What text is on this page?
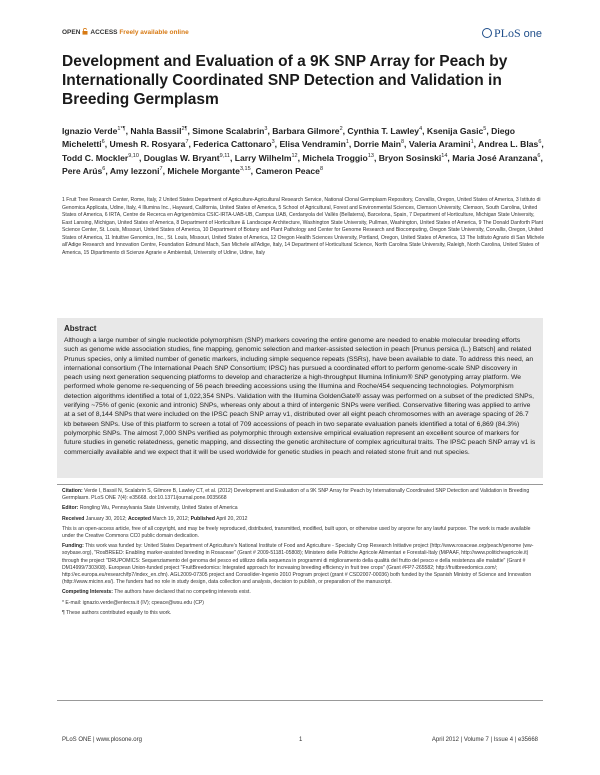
OPEN ACCESS Freely available online	PLoS one
Development and Evaluation of a 9K SNP Array for Peach by Internationally Coordinated SNP Detection and Validation in Breeding Germplasm
Ignazio Verde$^{1*\P}$, Nahla Bassil$^{2\P}$, Simone Scalabrin$^3$, Barbara Gilmore$^2$, Cynthia T. Lawley$^4$, Ksenija Gasic$^5$, Diego Micheletti$^6$, Umesh R. Rosyara$^7$, Federica Cattonaro$^3$, Elisa Vendramin$^1$, Dorrie Main$^8$, Valeria Aramini$^1$, Andrea L. Blas$^6$, Todd C. Mockler$^{9,10}$, Douglas W. Bryant$^{9,11}$, Larry Wilhelm$^{12}$, Michela Troggio$^{13}$, Bryon Sosinski$^{14}$, Maria José Aranzana$^6$, Pere Arús$^6$, Amy Iezzoni$^7$, Michele Morgante$^{3,15}$, Cameron Peace$^8$
1 Fruit Tree Research Center, Rome, Italy, 2 United States Department of Agriculture-Agricultural Research Service, National Clonal Germplasm Repository, Corvallis, Oregon, United States of America, 3 Istituto di Genomica Applicata, Udine, Italy, 4 Illumina Inc., Hayward, California, United States of America, 5 School of Agricultural, Forest and Environmental Sciences, Clemson University, Clemson, South Carolina, United States of America, 6 IRTA, Centre de Recerca en Agrigenòmica CSIC-IRTA-UAB-UB, Campus UAB, Cerdanyola del Vallès (Bellaterra), Barcelona, Spain, 7 Department of Horticulture, Michigan State University, East Lansing, Michigan, United States of America, 8 Department of Horticulture & Landscape Architecture, Washington State University, Pullman, Washington, United States of America, 9 The Donald Danforth Plant Science Center, St. Louis, Missouri, United States of America, 10 Department of Botany and Plant Pathology and Center for Genome Research and Biocomputing, Oregon State University, Corvallis, Oregon, United States of America, 11 Intuitive Genomics, Inc., St. Louis, Missouri, United States of America, 12 Oregon Health Sciences University, Portland, Oregon, United States of America, 13 The Istituto Agrario di San Michele all'Adige Research and Innovation Centre, Foundation Edmund Mach, San Michele all'Adige, Italy, 14 Department of Horticultural Science, North Carolina State University, Raleigh, North Carolina, United States of America, 15 Dipartimento di Scienze Agrarie e Ambientali, University of Udine, Udine, Italy
Abstract

Although a large number of single nucleotide polymorphism (SNP) markers covering the entire genome are needed to enable molecular breeding efforts such as genome wide association studies, fine mapping, genomic selection and marker-assisted selection in peach [Prunus persica (L.) Batsch] and related Prunus species, only a limited number of genetic markers, including simple sequence repeats (SSRs), have been available to date. To address this need, an international consortium (The International Peach SNP Consortium; IPSC) has pursued a coordinated effort to perform genome-scale SNP discovery in peach using next generation sequencing platforms to develop and characterize a high-throughput Illumina Infinium® SNP genotyping array platform. We performed whole genome re-sequencing of 56 peach breeding accessions using the Illumina and Roche/454 sequencing technologies. Polymorphism detection algorithms identified a total of 1,022,354 SNPs. Validation with the Illumina GoldenGate® assay was performed on a subset of the predicted SNPs, verifying ~75% of genic (exonic and intronic) SNPs, whereas only about a third of intergenic SNPs were verified. Conservative filtering was applied to arrive at a set of 8,144 SNPs that were included on the IPSC peach SNP array v1, distributed over all eight peach chromosomes with an average spacing of 26.7 kb between SNPs. Use of this platform to screen a total of 709 accessions of peach in two separate evaluation panels identified a total of 6,869 (84.3%) polymorphic SNPs. The almost 7,000 SNPs verified as polymorphic through extensive empirical evaluation represent an excellent source of markers for future studies in genetic relatedness, genetic mapping, and dissecting the genetic architecture of complex agricultural traits. The IPSC peach SNP array v1 is commercially available and we expect that it will be used worldwide for genetic studies in peach and related stone fruit and nut species.

Citation: Verde I, Bassil N, Scalabrin S, Gilmore B, Lawley CT, et al. (2012) Development and Evaluation of a 9K SNP Array for Peach by Internationally Coordinated SNP Detection and Validation in Breeding Germplasm. PLoS ONE 7(4): e35668. doi:10.1371/journal.pone.0035668

Editor: Rongling Wu, Pennsylvania State University, United States of America

Received January 30, 2012; Accepted March 19, 2012; Published April 20, 2012

This is an open-access article, free of all copyright, and may be freely reproduced, distributed, transmitted, modified, built upon, or otherwise used by anyone for any lawful purpose. The work is made available under the Creative Commons CC0 public domain dedication.

Funding: This work was funded by: United States Department of Agriculture's National Institute of Food and Agriculture - Specialty Crop Research Initiative project (http://www.rosaceae.org/peach/genome (ww-soybase.org), "RosBREED: Enabling marker-assisted breeding in Rosaceae" (Grant # 2009-51181-05808); Ministero delle Politiche Agricole Alimentari e Forestali-Italy (MiPAAF, http://www.politicheagricole.it) through the project "DRUPOMICS: Sequenziamento del genoma del pesco ed utilizzo della sequenza in programmi di miglioramento della qualità del frutto del pesco e della resistenza alle malattie" (Grant # DM14999/7303/08). European Union-funded project "FruitBreedomics: Integrated approach for increasing breeding efficiency in fruit tree crops" (Grant #FP7-265582; http://fruitbreedomics.com/; http://ec.europa.eu/research/fp7/index_en.cfm). AGL2009-07305 project and Consolider-Ingenio 2010 Program project (grant # CSD2007-00036) both funded by the Spanish Ministry of Science and Innovation (http://www.micinn.es/). The funders had no role in study design, data collection and analysis, decision to publish, or preparation of the manuscript.

Competing Interests: The authors have declared that no competing interests exist.

* E-mail: ignazio.verde@entecra.it (IV); cpeace@wsu.edu (CP)

¶ These authors contributed equally to this work.

PLoS ONE | www.plosone.org	1	April 2012 | Volume 7 | Issue 4 | e35668
